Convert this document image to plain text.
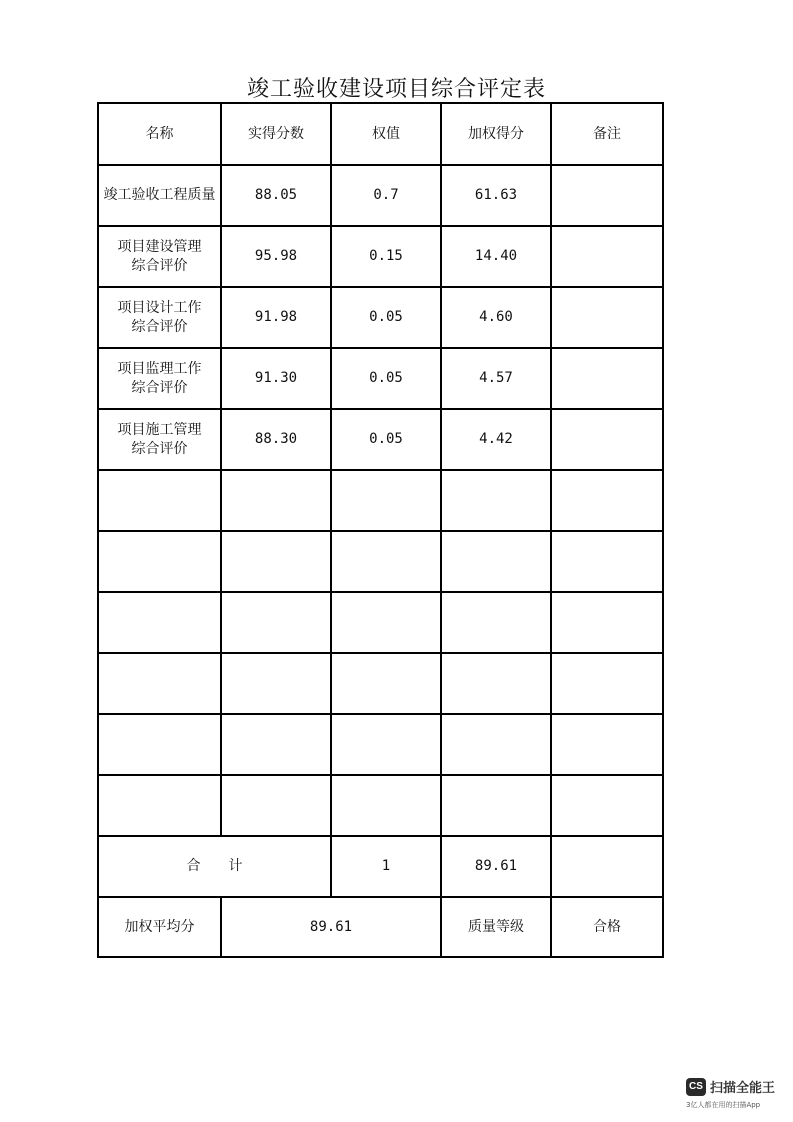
竣工验收建设项目综合评定表
名称	实得分数	权值	加权得分	备注
竣工验收工程质量	88.05	0.7	61.63	
项目建设管理
综合评价	95.98	0.15	14.40	
项目设计工作
综合评价	91.98	0.05	4.60	
项目监理工作
综合评价	91.30	0.05	4.57	
项目施工管理
综合评价	88.30	0.05	4.42	

合　　计		1	89.61	
加权平均分	89.61		质量等级	合格
CS 扫描全能王
3亿人都在用的扫描App
